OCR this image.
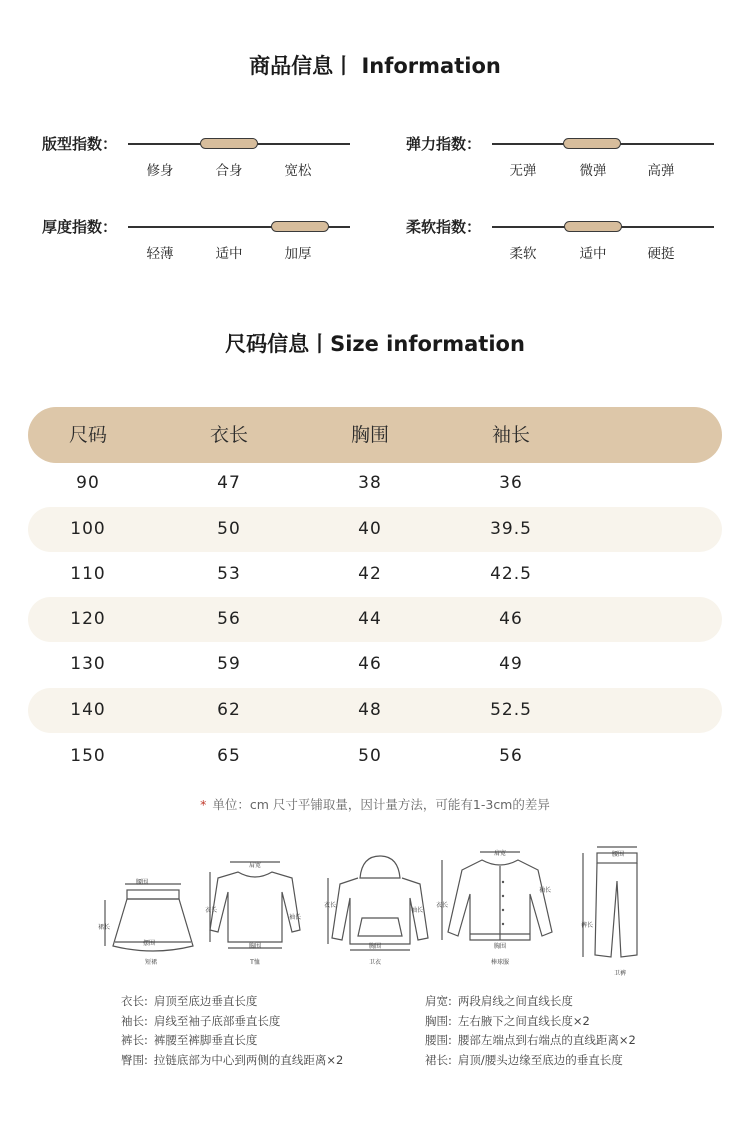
商品信息丨 Information
尺码信息丨Size information
版型指数：
修身	合身	宽松
弹力指数：
无弹	微弹	高弹
厚度指数：
轻薄	适中	加厚
柔软指数：
柔软	适中	硬挺
尺码	衣长	胸围	袖长
90	47	38	36
100	50	40	39.5
110	53	42	42.5
120	56	44	46
130	59	46	49
140	62	48	52.5
150	65	50	56
* 单位：cm 尺寸平铺取量，因计量方法，可能有1-3cm的差异
腰围
裙长
摆围
短裙
肩宽
衣长
袖长
胸围
T恤
衣长
袖长
胸围
卫衣
肩宽
衣长
袖长
胸围
棒球服
腰围
裤长
卫裤
衣长: 肩顶至底边垂直长度
袖长: 肩线至袖子底部垂直长度
裤长: 裤腰至裤脚垂直长度
臀围: 拉链底部为中心到两侧的直线距离×2
肩宽: 两段肩线之间直线长度
胸围: 左右腋下之间直线长度×2
腰围: 腰部左端点到右端点的直线距离×2
裙长: 肩顶/腰头边缘至底边的垂直长度
